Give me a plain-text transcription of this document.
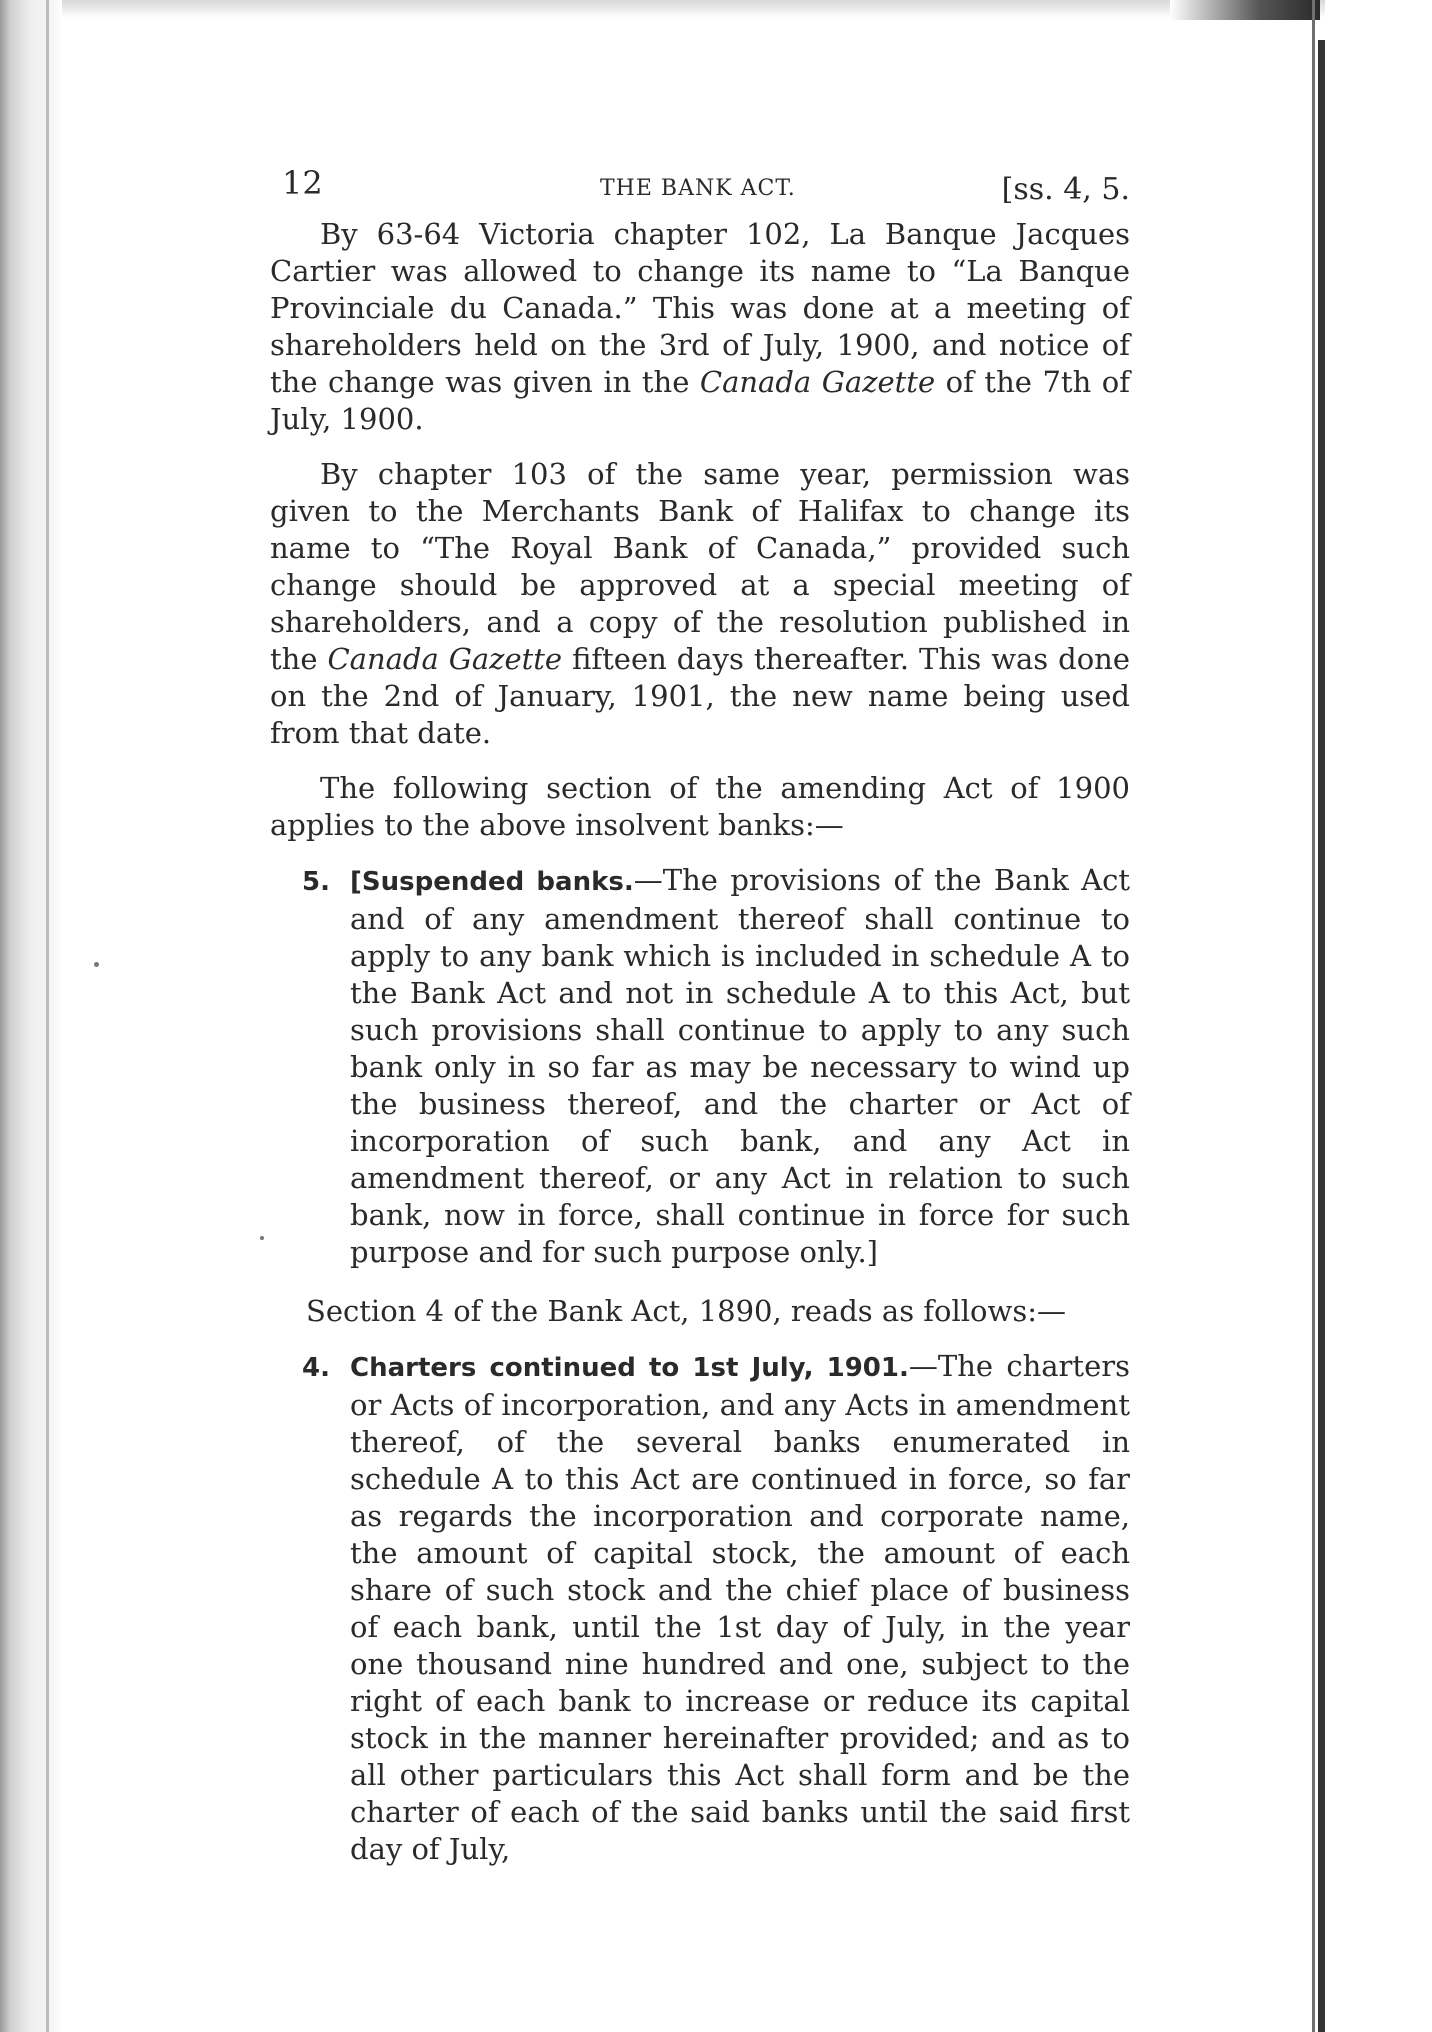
12	THE BANK ACT.	[ss. 4, 5.

By 63-64 Victoria chapter 102, La Banque Jacques Cartier was allowed to change its name to “La Banque Provinciale du Canada.” This was done at a meeting of shareholders held on the 3rd of July, 1900, and notice of the change was given in the Canada Gazette of the 7th of July, 1900.

By chapter 103 of the same year, permission was given to the Merchants Bank of Halifax to change its name to “The Royal Bank of Canada,” provided such change should be approved at a special meeting of shareholders, and a copy of the resolution published in the Canada Gazette fifteen days thereafter. This was done on the 2nd of January, 1901, the new name being used from that date.

The following section of the amending Act of 1900 applies to the above insolvent banks:—

5. [Suspended banks.—The provisions of the Bank Act and of any amendment thereof shall continue to apply to any bank which is included in schedule A to the Bank Act and not in schedule A to this Act, but such provisions shall continue to apply to any such bank only in so far as may be necessary to wind up the business thereof, and the charter or Act of incorporation of such bank, and any Act in amendment thereof, or any Act in relation to such bank, now in force, shall continue in force for such purpose and for such purpose only.]

Section 4 of the Bank Act, 1890, reads as follows:—

4. Charters continued to 1st July, 1901.—The charters or Acts of incorporation, and any Acts in amendment thereof, of the several banks enumerated in schedule A to this Act are continued in force, so far as regards the incorporation and corporate name, the amount of capital stock, the amount of each share of such stock and the chief place of business of each bank, until the 1st day of July, in the year one thousand nine hundred and one, subject to the right of each bank to increase or reduce its capital stock in the manner hereinafter provided; and as to all other particulars this Act shall form and be the charter of each of the said banks until the said first day of July,
